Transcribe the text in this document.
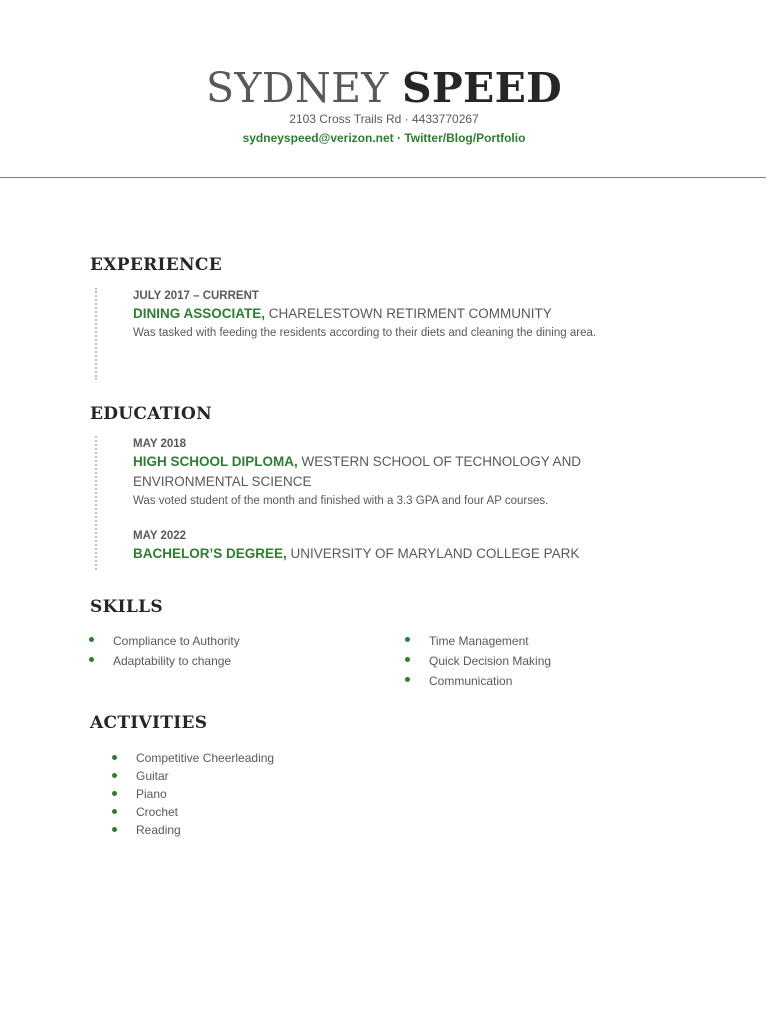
SYDNEY SPEED
2103 Cross Trails Rd · 4433770267
sydneyspeed@verizon.net · Twitter/Blog/Portfolio
EXPERIENCE
JULY 2017 – CURRENT
DINING ASSOCIATE, CHARELESTOWN RETIRMENT COMMUNITY
Was tasked with feeding the residents according to their diets and cleaning the dining area.
EDUCATION
MAY 2018
HIGH SCHOOL DIPLOMA, WESTERN SCHOOL OF TECHNOLOGY AND ENVIRONMENTAL SCIENCE
Was voted student of the month and finished with a 3.3 GPA and four AP courses.
MAY 2022
BACHELOR’S DEGREE, UNIVERSITY OF MARYLAND COLLEGE PARK
SKILLS
Compliance to Authority
Adaptability to change
Time Management
Quick Decision Making
Communication
ACTIVITIES
Competitive Cheerleading
Guitar
Piano
Crochet
Reading
